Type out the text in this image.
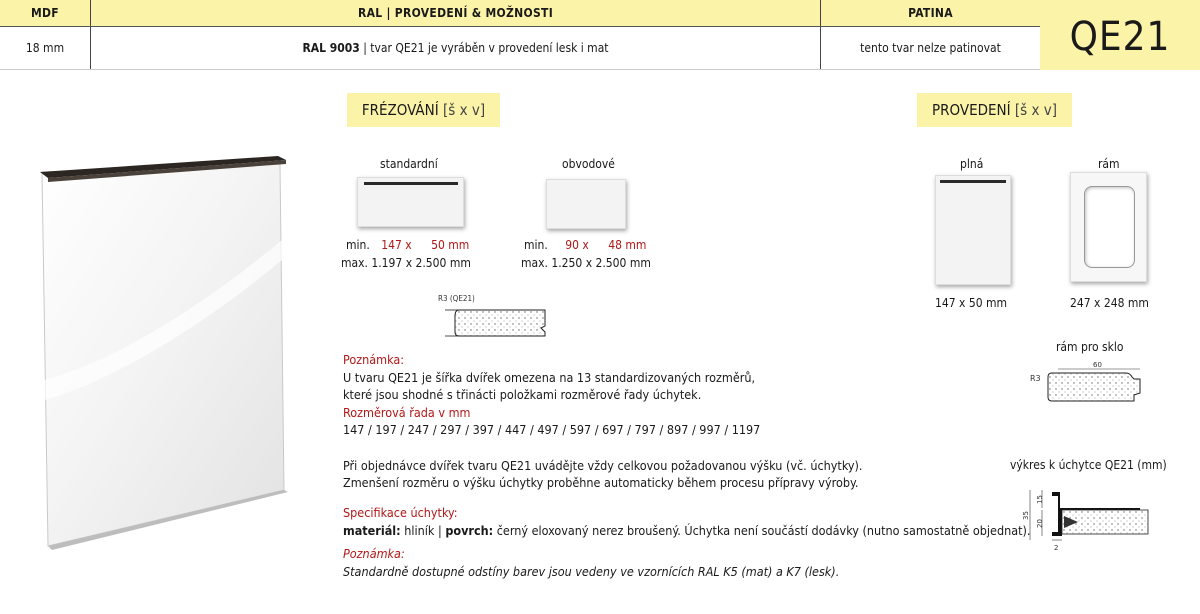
MDF	RAL | PROVEDENÍ & MOŽNOSTI	PATINA
18 mm	RAL 9003 | tvar QE21 je vyráběn v provedení lesk i mat	tento tvar nelze patinovat	QE21
FRÉZOVÁNÍ [š x v]
standardní
min. 147 x 50 mm
max. 1.197 x 2.500 mm
obvodové
min. 90 x 48 mm
max. 1.250 x 2.500 mm
R3 (QE21)
PROVEDENÍ [š x v]
plná
147 x 50 mm
rám
247 x 248 mm
rám pro sklo
60
R3
výkres k úchytce QE21 (mm)
35
15
20
2
Poznámka:
U tvaru QE21 je šířka dvířek omezena na 13 standardizovaných rozměrů,
které jsou shodné s třinácti položkami rozměrové řady úchytek.
Rozměrová řada v mm
147 / 197 / 247 / 297 / 397 / 447 / 497 / 597 / 697 / 797 / 897 / 997 / 1197
Při objednávce dvířek tvaru QE21 uvádějte vždy celkovou požadovanou výšku (vč. úchytky).
Zmenšení rozměru o výšku úchytky proběhne automaticky během procesu přípravy výroby.
Specifikace úchytky:
materiál: hliník | povrch: černý eloxovaný nerez broušený. Úchytka není součástí dodávky (nutno samostatně objednat).
Poznámka:
Standardně dostupné odstíny barev jsou vedeny ve vzornících RAL K5 (mat) a K7 (lesk).
